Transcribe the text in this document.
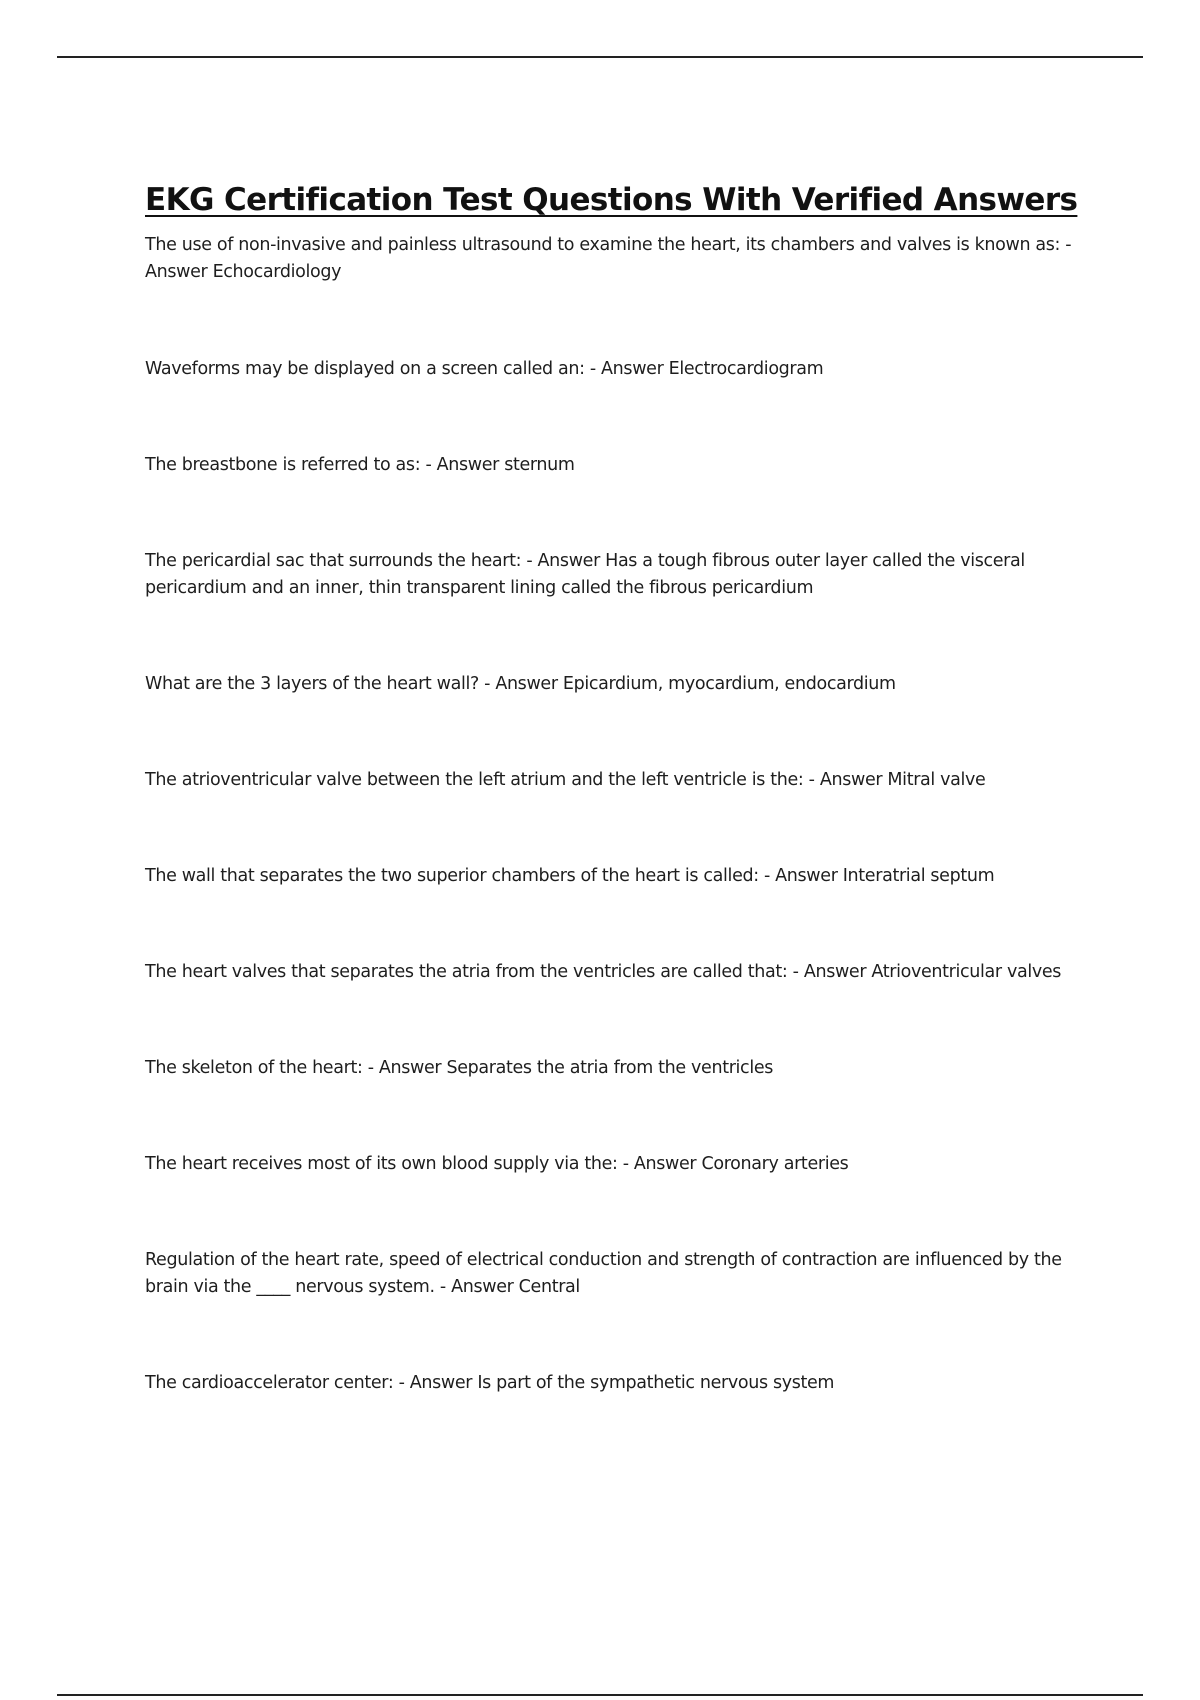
EKG Certification Test Questions With Verified Answers
The use of non-invasive and painless ultrasound to examine the heart, its chambers and valves is known as: - Answer Echocardiology
Waveforms may be displayed on a screen called an: - Answer Electrocardiogram
The breastbone is referred to as: - Answer sternum
The pericardial sac that surrounds the heart: - Answer Has a tough fibrous outer layer called the visceral pericardium and an inner, thin transparent lining called the fibrous pericardium
What are the 3 layers of the heart wall? - Answer Epicardium, myocardium, endocardium
The atrioventricular valve between the left atrium and the left ventricle is the: - Answer Mitral valve
The wall that separates the two superior chambers of the heart is called: - Answer Interatrial septum
The heart valves that separates the atria from the ventricles are called that: - Answer Atrioventricular valves
The skeleton of the heart: - Answer Separates the atria from the ventricles
The heart receives most of its own blood supply via the: - Answer Coronary arteries
Regulation of the heart rate, speed of electrical conduction and strength of contraction are influenced by the brain via the ____ nervous system. - Answer Central
The cardioaccelerator center: - Answer Is part of the sympathetic nervous system
